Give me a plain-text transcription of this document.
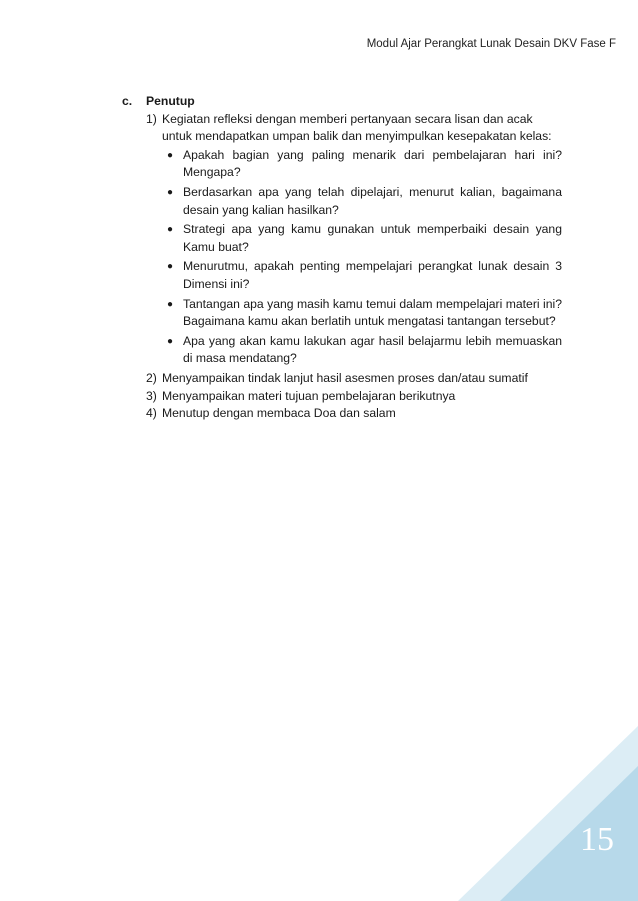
Modul Ajar Perangkat Lunak Desain DKV Fase F
c.	Penutup
1) Kegiatan refleksi dengan memberi pertanyaan secara lisan dan acak untuk mendapatkan umpan balik dan menyimpulkan kesepakatan kelas:
● Apakah bagian yang paling menarik dari pembelajaran hari ini? Mengapa?
● Berdasarkan apa yang telah dipelajari, menurut kalian, bagaimana desain yang kalian hasilkan?
● Strategi apa yang kamu gunakan untuk memperbaiki desain yang Kamu buat?
● Menurutmu, apakah penting mempelajari perangkat lunak desain 3 Dimensi ini?
● Tantangan apa yang masih kamu temui dalam mempelajari materi ini? Bagaimana kamu akan berlatih untuk mengatasi tantangan tersebut?
● Apa yang akan kamu lakukan agar hasil belajarmu lebih memuaskan di masa mendatang?
2) Menyampaikan tindak lanjut hasil asesmen proses dan/atau sumatif
3) Menyampaikan materi tujuan pembelajaran berikutnya
4) Menutup dengan membaca Doa dan salam
15
